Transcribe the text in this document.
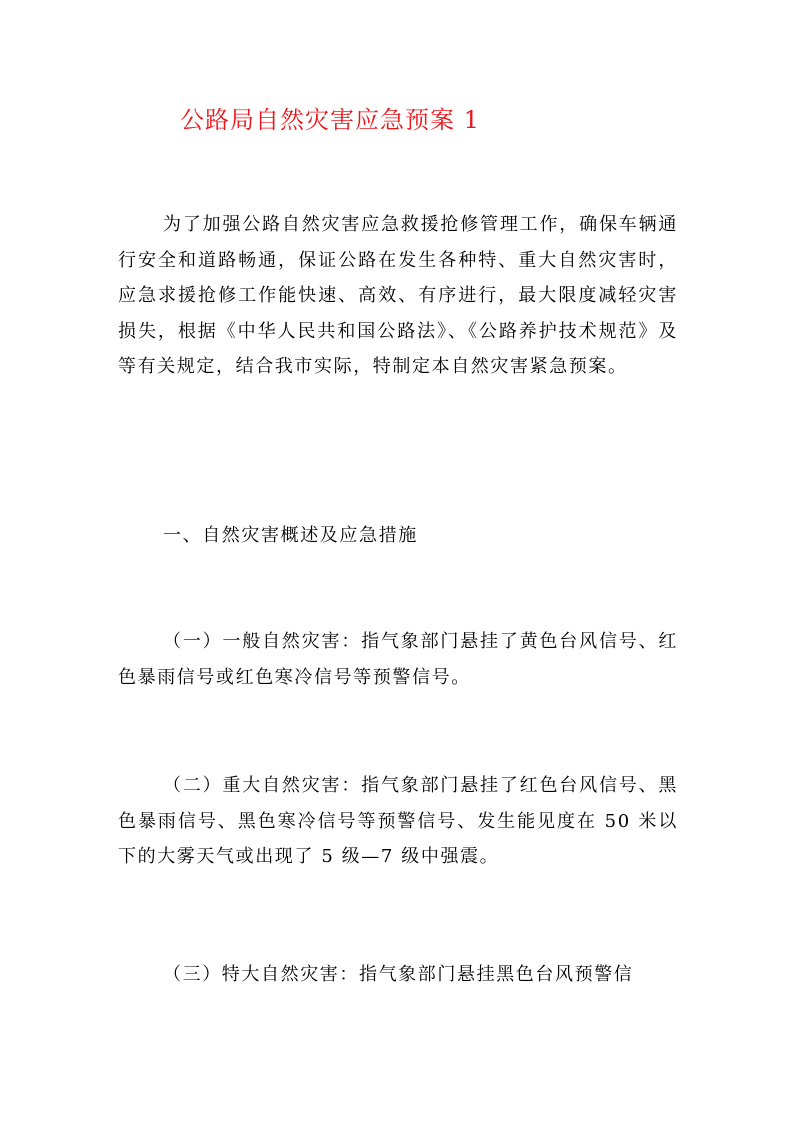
公路局自然灾害应急预案 1

为了加强公路自然灾害应急救援抢修管理工作，确保车辆通行安全和道路畅通，保证公路在发生各种特、重大自然灾害时，应急求援抢修工作能快速、高效、有序进行，最大限度减轻灾害损失，根据《中华人民共和国公路法》、《公路养护技术规范》及等有关规定，结合我市实际，特制定本自然灾害紧急预案。

一、自然灾害概述及应急措施

（一）一般自然灾害：指气象部门悬挂了黄色台风信号、红色暴雨信号或红色寒冷信号等预警信号。

（二）重大自然灾害：指气象部门悬挂了红色台风信号、黑色暴雨信号、黑色寒冷信号等预警信号、发生能见度在 50 米以下的大雾天气或出现了 5 级—7 级中强震。

（三）特大自然灾害：指气象部门悬挂黑色台风预警信
